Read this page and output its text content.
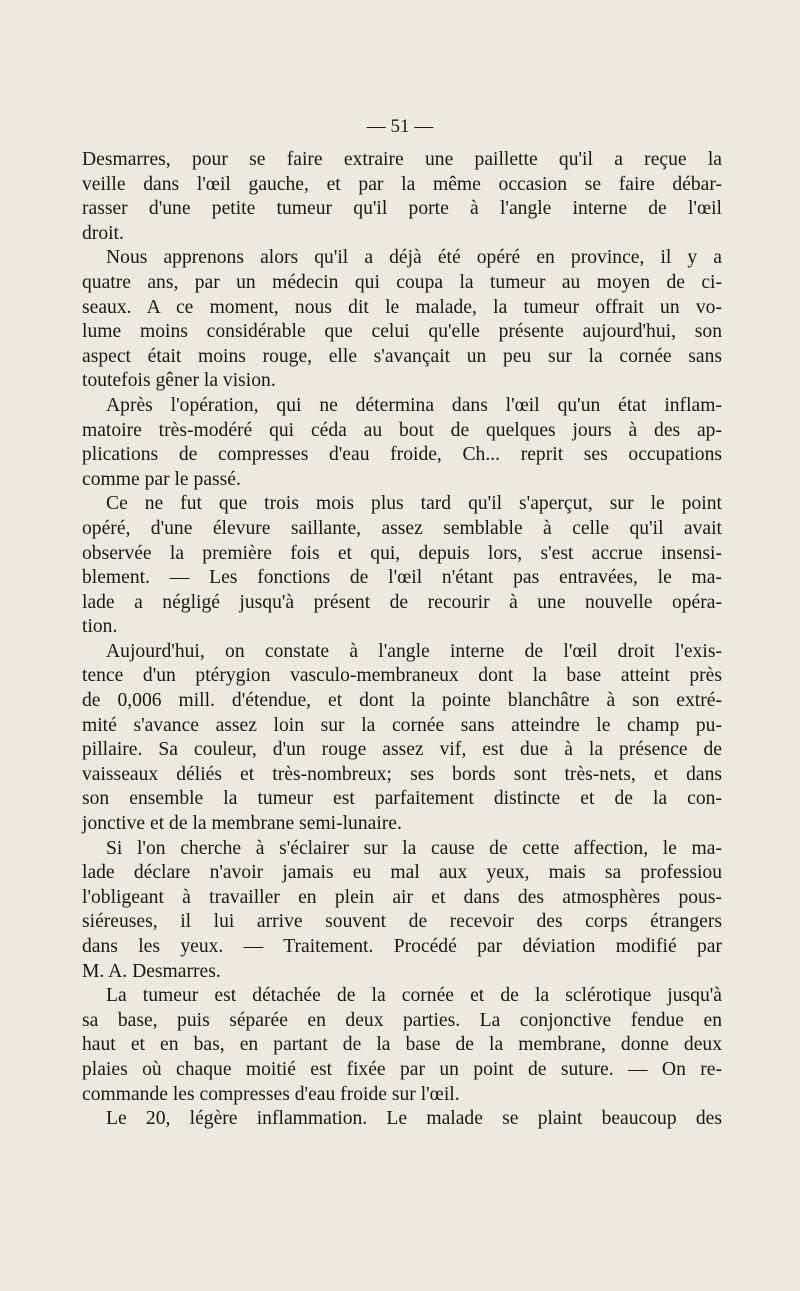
— 51 —
Desmarres, pour se faire extraire une paillette qu'il a reçue la
veille dans l'œil gauche, et par la même occasion se faire débar-
rasser d'une petite tumeur qu'il porte à l'angle interne de l'œil
droit.
Nous apprenons alors qu'il a déjà été opéré en province, il y a
quatre ans, par un médecin qui coupa la tumeur au moyen de ci-
seaux. A ce moment, nous dit le malade, la tumeur offrait un vo-
lume moins considérable que celui qu'elle présente aujourd'hui, son
aspect était moins rouge, elle s'avançait un peu sur la cornée sans
toutefois gêner la vision.
Après l'opération, qui ne détermina dans l'œil qu'un état inflam-
matoire très-modéré qui céda au bout de quelques jours à des ap-
plications de compresses d'eau froide, Ch... reprit ses occupations
comme par le passé.
Ce ne fut que trois mois plus tard qu'il s'aperçut, sur le point
opéré, d'une élevure saillante, assez semblable à celle qu'il avait
observée la première fois et qui, depuis lors, s'est accrue insensi-
blement. — Les fonctions de l'œil n'étant pas entravées, le ma-
lade a négligé jusqu'à présent de recourir à une nouvelle opéra-
tion.
Aujourd'hui, on constate à l'angle interne de l'œil droit l'exis-
tence d'un ptérygion vasculo-membraneux dont la base atteint près
de 0,006 mill. d'étendue, et dont la pointe blanchâtre à son extré-
mité s'avance assez loin sur la cornée sans atteindre le champ pu-
pillaire. Sa couleur, d'un rouge assez vif, est due à la présence de
vaisseaux déliés et très-nombreux; ses bords sont très-nets, et dans
son ensemble la tumeur est parfaitement distincte et de la con-
jonctive et de la membrane semi-lunaire.
Si l'on cherche à s'éclairer sur la cause de cette affection, le ma-
lade déclare n'avoir jamais eu mal aux yeux, mais sa professiou
l'obligeant à travailler en plein air et dans des atmosphères pous-
siéreuses, il lui arrive souvent de recevoir des corps étrangers
dans les yeux. — Traitement. Procédé par déviation modifié par
M. A. Desmarres.
La tumeur est détachée de la cornée et de la sclérotique jusqu'à
sa base, puis séparée en deux parties. La conjonctive fendue en
haut et en bas, en partant de la base de la membrane, donne deux
plaies où chaque moitié est fixée par un point de suture. — On re-
commande les compresses d'eau froide sur l'œil.
Le 20, légère inflammation. Le malade se plaint beaucoup des
